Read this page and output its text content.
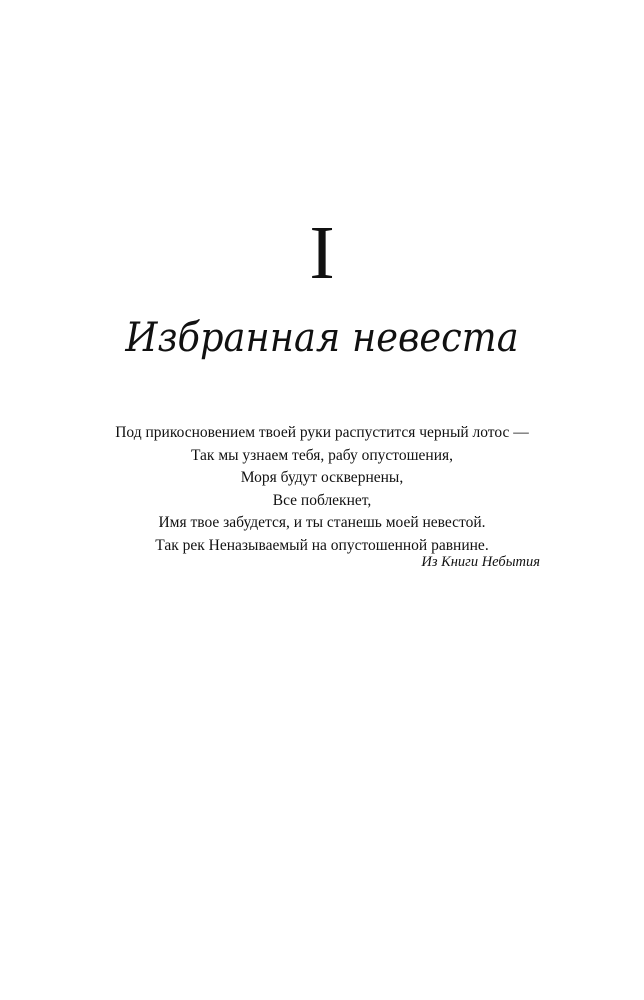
I
Избранная невеста
Под прикосновением твоей руки распустится черный лотос —
Так мы узнаем тебя, рабу опустошения,
Моря будут осквернены,
Все поблекнет,
Имя твое забудется, и ты станешь моей невестой.
Так рек Неназываемый на опустошенной равнине.
Из Книги Небытия
